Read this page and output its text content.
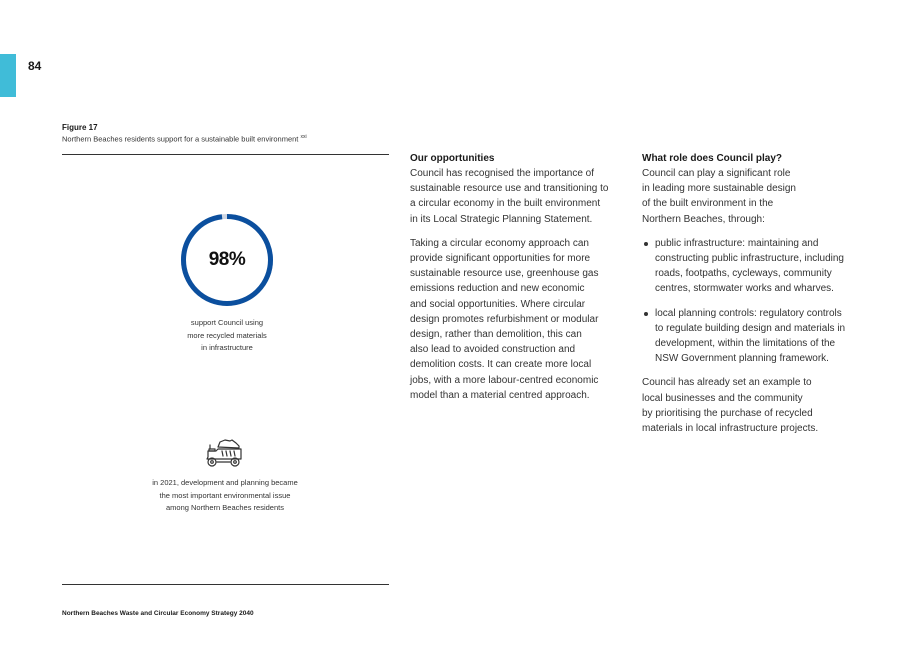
84
Figure 17
Northern Beaches residents support for a sustainable built environment $^{xxi}$
98%
support Council using
more recycled materials
in infrastructure
in 2021, development and planning became
the most important environmental issue
among Northern Beaches residents
Northern Beaches Waste and Circular Economy Strategy 2040
Our opportunities

Council has recognised the importance of
sustainable resource use and transitioning to
a circular economy in the built environment
in its Local Strategic Planning Statement.

Taking a circular economy approach can
provide significant opportunities for more
sustainable resource use, greenhouse gas
emissions reduction and new economic
and social opportunities. Where circular
design promotes refurbishment or modular
design, rather than demolition, this can
also lead to avoided construction and
demolition costs. It can create more local
jobs, with a more labour-centred economic
model than a material centred approach.

What role does Council play?

Council can play a significant role
in leading more sustainable design
of the built environment in the
Northern Beaches, through:

public infrastructure: maintaining and
constructing public infrastructure, including
roads, footpaths, cycleways, community
centres, stormwater works and wharves.
local planning controls: regulatory controls
to regulate building design and materials in
development, within the limitations of the
NSW Government planning framework.

Council has already set an example to
local businesses and the community
by prioritising the purchase of recycled
materials in local infrastructure projects.
